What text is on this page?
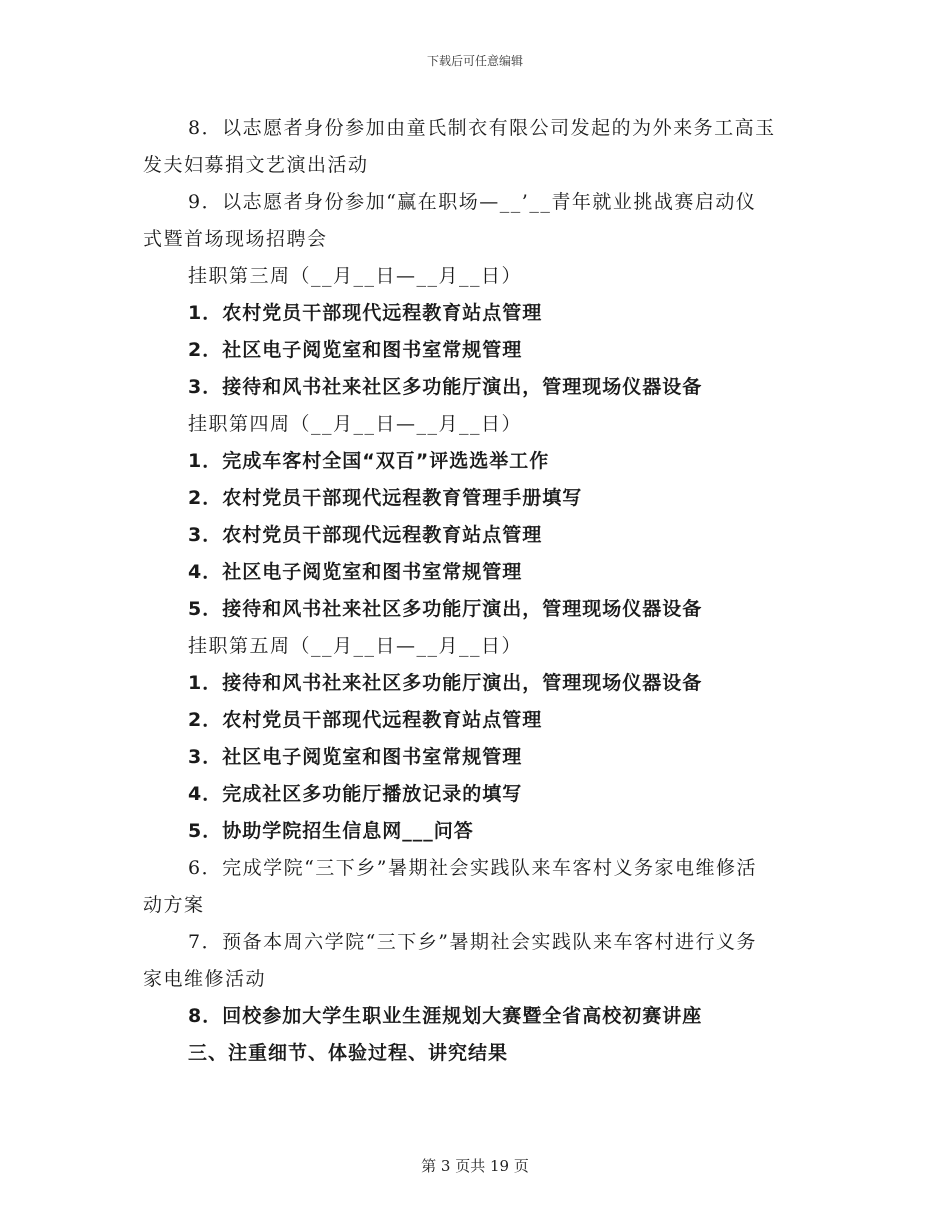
下载后可任意编辑
8．以志愿者身份参加由童氏制衣有限公司发起的为外来务工高玉
发夫妇募捐文艺演出活动
9．以志愿者身份参加“赢在职场—__’__青年就业挑战赛启动仪
式暨首场现场招聘会
挂职第三周（__月__日—__月__日）
1．农村党员干部现代远程教育站点管理
2．社区电子阅览室和图书室常规管理
3．接待和风书社来社区多功能厅演出，管理现场仪器设备
挂职第四周（__月__日—__月__日）
1．完成车客村全国“双百”评选选举工作
2．农村党员干部现代远程教育管理手册填写
3．农村党员干部现代远程教育站点管理
4．社区电子阅览室和图书室常规管理
5．接待和风书社来社区多功能厅演出，管理现场仪器设备
挂职第五周（__月__日—__月__日）
1．接待和风书社来社区多功能厅演出，管理现场仪器设备
2．农村党员干部现代远程教育站点管理
3．社区电子阅览室和图书室常规管理
4．完成社区多功能厅播放记录的填写
5．协助学院招生信息网___问答
6．完成学院“三下乡”暑期社会实践队来车客村义务家电维修活
动方案
7．预备本周六学院“三下乡”暑期社会实践队来车客村进行义务
家电维修活动
8．回校参加大学生职业生涯规划大赛暨全省高校初赛讲座
三、注重细节、体验过程、讲究结果
第 3 页共 19 页
